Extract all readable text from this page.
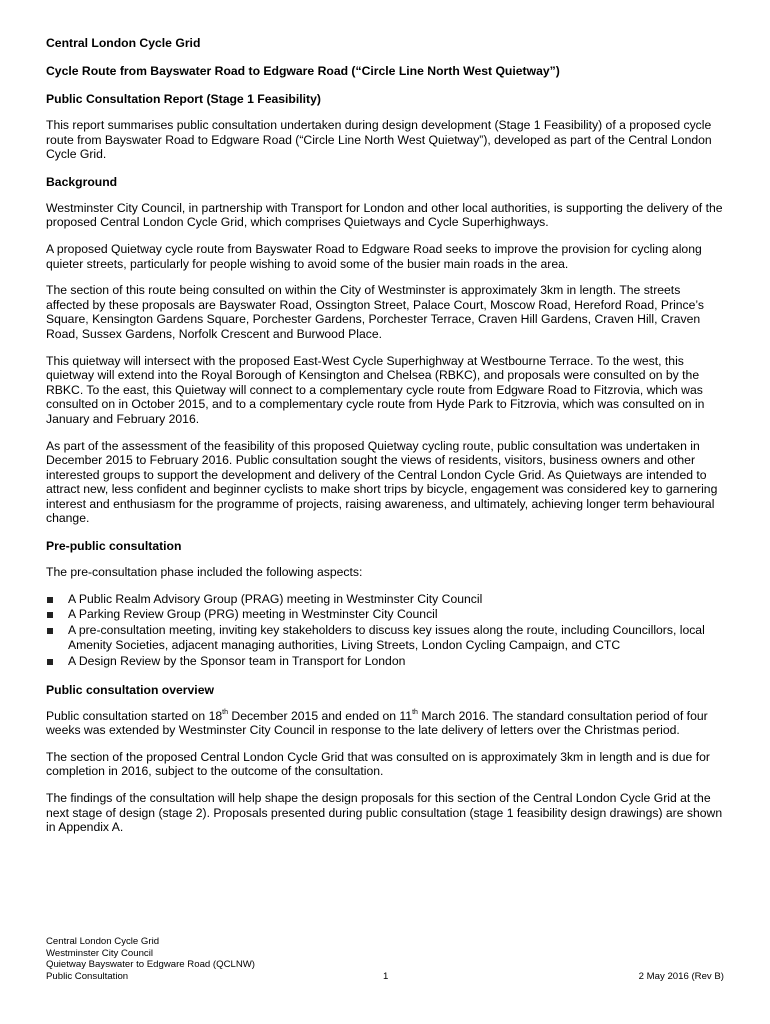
Central London Cycle Grid
Cycle Route from Bayswater Road to Edgware Road (“Circle Line North West Quietway”)
Public Consultation Report (Stage 1 Feasibility)

This report summarises public consultation undertaken during design development (Stage 1 Feasibility) of a proposed cycle route from Bayswater Road to Edgware Road (“Circle Line North West Quietway”), developed as part of the Central London Cycle Grid.

Background

Westminster City Council, in partnership with Transport for London and other local authorities, is supporting the delivery of the proposed Central London Cycle Grid, which comprises Quietways and Cycle Superhighways.

A proposed Quietway cycle route from Bayswater Road to Edgware Road seeks to improve the provision for cycling along quieter streets, particularly for people wishing to avoid some of the busier main roads in the area.

The section of this route being consulted on within the City of Westminster is approximately 3km in length. The streets affected by these proposals are Bayswater Road, Ossington Street, Palace Court, Moscow Road, Hereford Road, Prince’s Square, Kensington Gardens Square, Porchester Gardens, Porchester Terrace, Craven Hill Gardens, Craven Hill, Craven Road, Sussex Gardens, Norfolk Crescent and Burwood Place.

This quietway will intersect with the proposed East-West Cycle Superhighway at Westbourne Terrace. To the west, this quietway will extend into the Royal Borough of Kensington and Chelsea (RBKC), and proposals were consulted on by the RBKC. To the east, this Quietway will connect to a complementary cycle route from Edgware Road to Fitzrovia, which was consulted on in October 2015, and to a complementary cycle route from Hyde Park to Fitzrovia, which was consulted on in January and February 2016.

As part of the assessment of the feasibility of this proposed Quietway cycling route, public consultation was undertaken in December 2015 to February 2016. Public consultation sought the views of residents, visitors, business owners and other interested groups to support the development and delivery of the Central London Cycle Grid. As Quietways are intended to attract new, less confident and beginner cyclists to make short trips by bicycle, engagement was considered key to garnering interest and enthusiasm for the programme of projects, raising awareness, and ultimately, achieving longer term behavioural change.

Pre-public consultation

The pre-consultation phase included the following aspects:

A Public Realm Advisory Group (PRAG) meeting in Westminster City Council
A Parking Review Group (PRG) meeting in Westminster City Council
A pre-consultation meeting, inviting key stakeholders to discuss key issues along the route, including Councillors, local Amenity Societies, adjacent managing authorities, Living Streets, London Cycling Campaign, and CTC
A Design Review by the Sponsor team in Transport for London
Public consultation overview

Public consultation started on 18th December 2015 and ended on 11th March 2016. The standard consultation period of four weeks was extended by Westminster City Council in response to the late delivery of letters over the Christmas period.

The section of the proposed Central London Cycle Grid that was consulted on is approximately 3km in length and is due for completion in 2016, subject to the outcome of the consultation.

The findings of the consultation will help shape the design proposals for this section of the Central London Cycle Grid at the next stage of design (stage 2). Proposals presented during public consultation (stage 1 feasibility design drawings) are shown in Appendix A.

Central London Cycle Grid
Westminster City Council
Quietway Bayswater to Edgware Road (QCLNW)
Public Consultation	1	2 May 2016 (Rev B)
